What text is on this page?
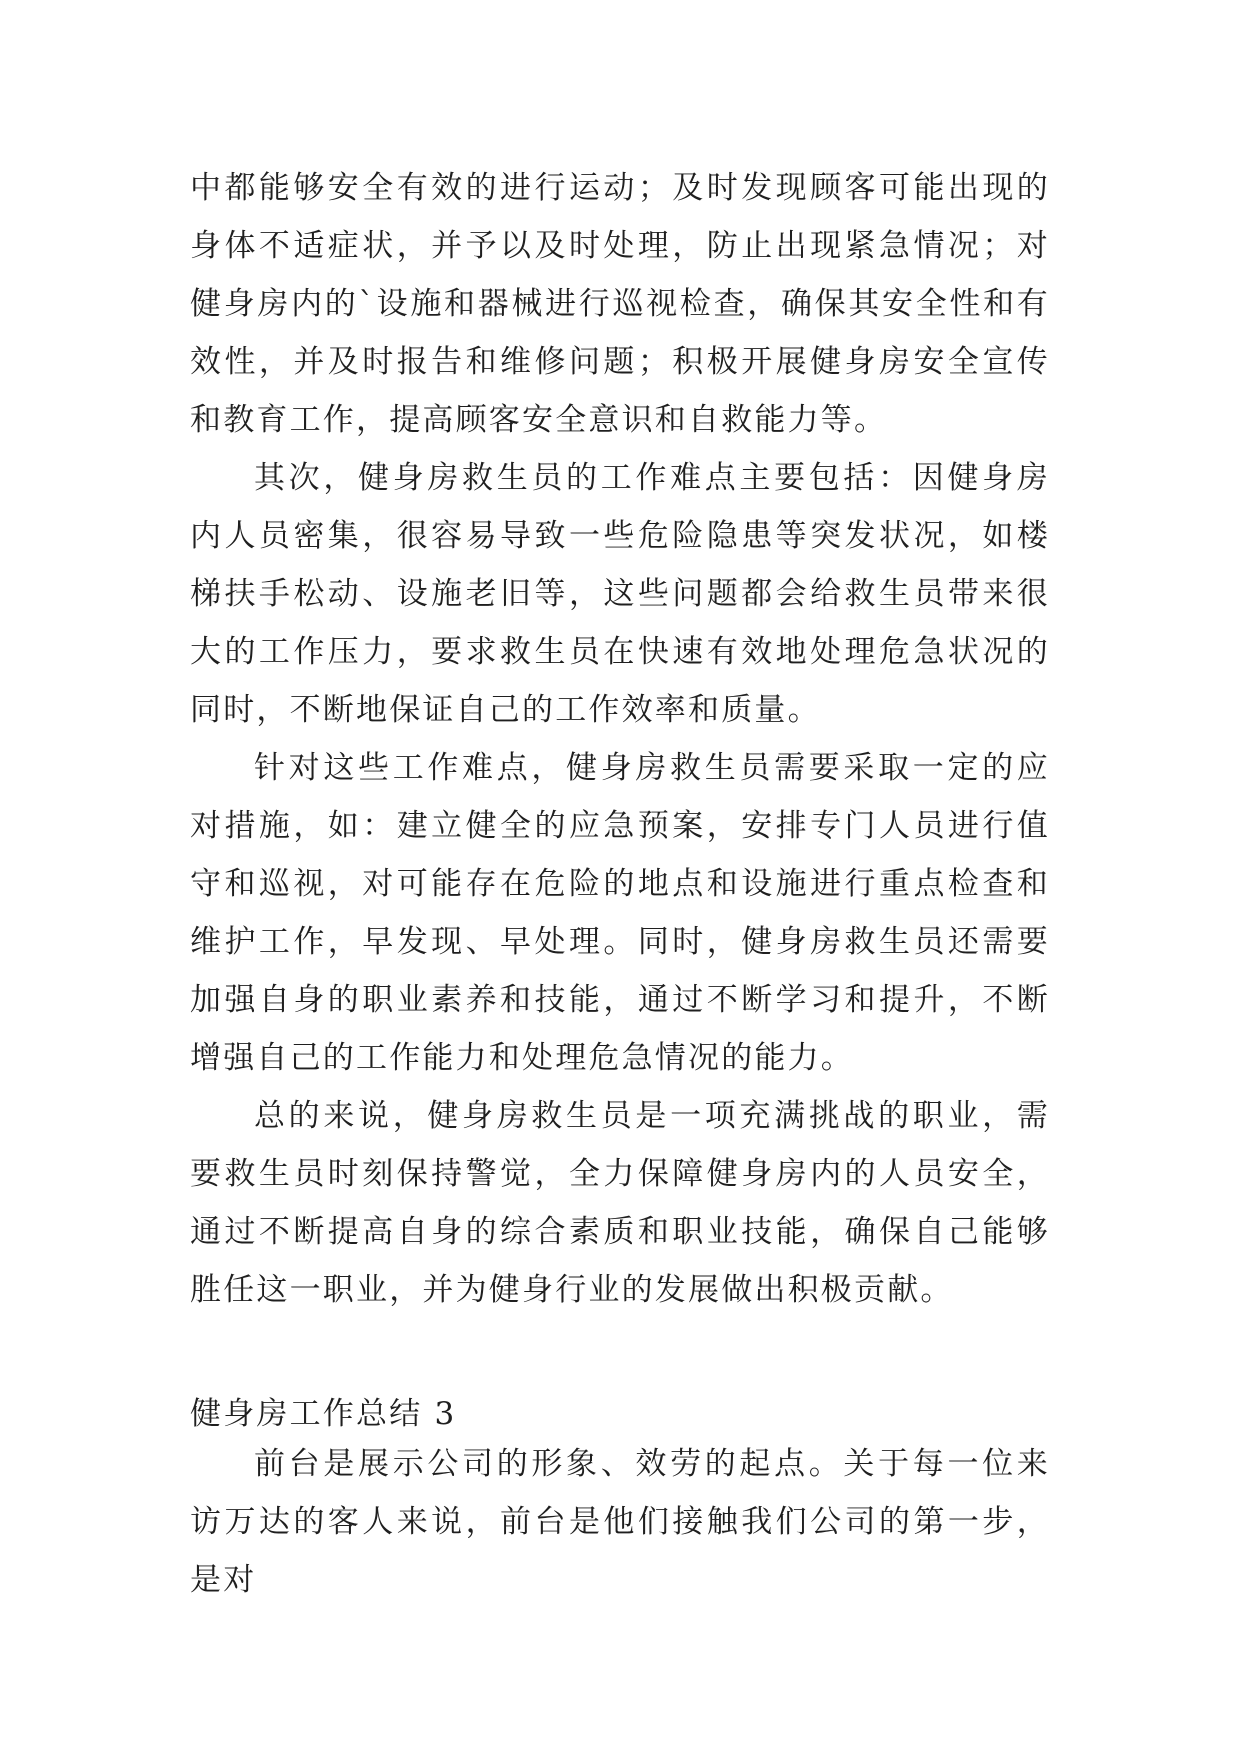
中都能够安全有效的进行运动；及时发现顾客可能出现的身体不适症状，并予以及时处理，防止出现紧急情况；对健身房内的`设施和器械进行巡视检查，确保其安全性和有效性，并及时报告和维修问题；积极开展健身房安全宣传和教育工作，提高顾客安全意识和自救能力等。

其次，健身房救生员的工作难点主要包括：因健身房内人员密集，很容易导致一些危险隐患等突发状况，如楼梯扶手松动、设施老旧等，这些问题都会给救生员带来很大的工作压力，要求救生员在快速有效地处理危急状况的同时，不断地保证自己的工作效率和质量。

针对这些工作难点，健身房救生员需要采取一定的应对措施，如：建立健全的应急预案，安排专门人员进行值守和巡视，对可能存在危险的地点和设施进行重点检查和维护工作，早发现、早处理。同时，健身房救生员还需要加强自身的职业素养和技能，通过不断学习和提升，不断增强自己的工作能力和处理危急情况的能力。

总的来说，健身房救生员是一项充满挑战的职业，需要救生员时刻保持警觉，全力保障健身房内的人员安全，通过不断提高自身的综合素质和职业技能，确保自己能够胜任这一职业，并为健身行业的发展做出积极贡献。

健身房工作总结 3

前台是展示公司的形象、效劳的起点。关于每一位来访万达的客人来说，前台是他们接触我们公司的第一步，是对
